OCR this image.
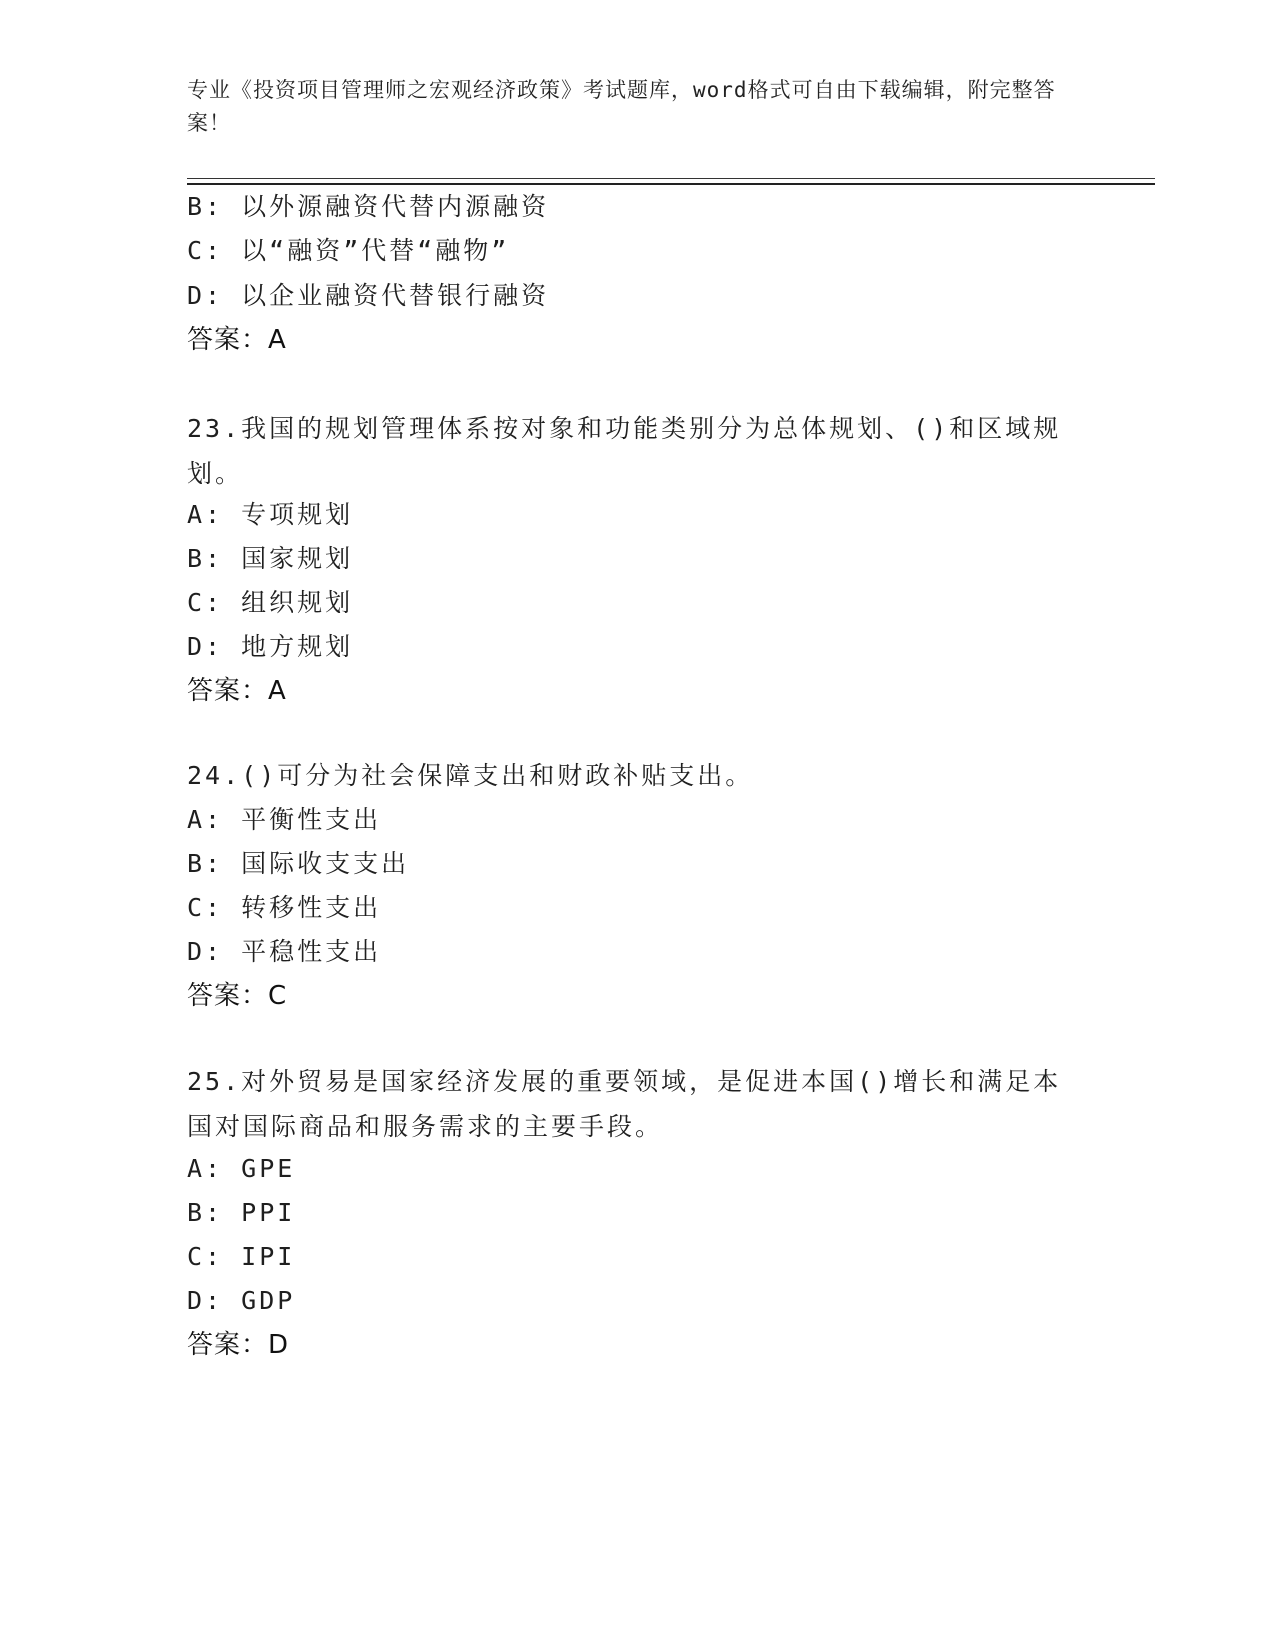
专业《投资项目管理师之宏观经济政策》考试题库，word格式可自由下载编辑，附完整答案！
B: 以外源融资代替内源融资
C: 以“融资”代替“融物”
D: 以企业融资代替银行融资
答案：A
23.我国的规划管理体系按对象和功能类别分为总体规划、()和区域规划。
A: 专项规划
B: 国家规划
C: 组织规划
D: 地方规划
答案：A
24.()可分为社会保障支出和财政补贴支出。
A: 平衡性支出
B: 国际收支支出
C: 转移性支出
D: 平稳性支出
答案：C
25.对外贸易是国家经济发展的重要领域，是促进本国()增长和满足本国对国际商品和服务需求的主要手段。
A: GPE
B: PPI
C: IPI
D: GDP
答案：D
